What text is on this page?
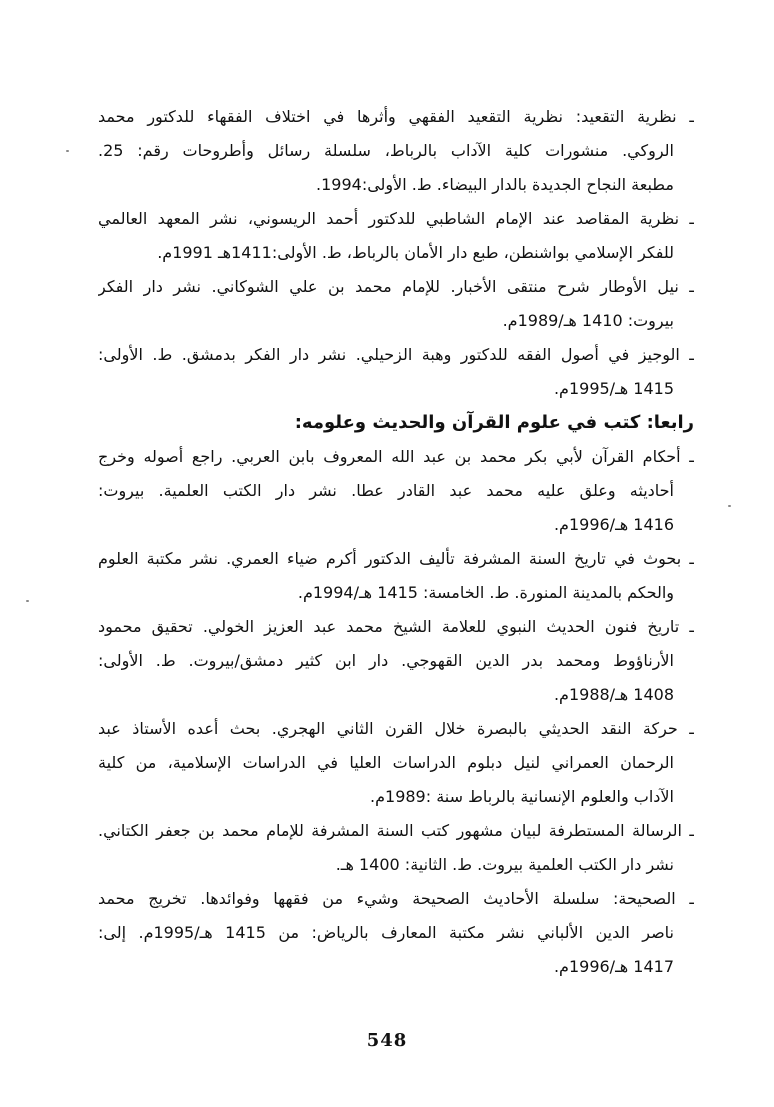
ـ نظرية التقعيد: نظرية التقعيد الفقهي وأثرها في اختلاف الفقهاء للدكتور محمد
الروكي. منشورات كلية الآداب بالرباط، سلسلة رسائل وأطروحات رقم: 25.
مطبعة النجاح الجديدة بالدار البيضاء. ط. الأولى:1994.
ـ نظرية المقاصد عند الإمام الشاطبي للدكتور أحمد الريسوني، نشر المعهد العالمي
للفكر الإسلامي بواشنطن، طبع دار الأمان بالرباط، ط. الأولى:1411هـ 1991م.
ـ نيل الأوطار شرح منتقى الأخبار. للإمام محمد بن علي الشوكاني. نشر دار الفكر
بيروت: 1410 هـ/1989م.
ـ الوجيز في أصول الفقه للدكتور وهبة الزحيلي. نشر دار الفكر بدمشق. ط. الأولى:
1415 هـ/1995م.
رابعا: كتب في علوم القرآن والحديث وعلومه:
ـ أحكام القرآن لأبي بكر محمد بن عبد الله المعروف بابن العربي. راجع أصوله وخرج
أحاديثه وعلق عليه محمد عبد القادر عطا. نشر دار الكتب العلمية. بيروت:
1416 هـ/1996م.
ـ بحوث في تاريخ السنة المشرفة تأليف الدكتور أكرم ضياء العمري. نشر مكتبة العلوم
والحكم بالمدينة المنورة. ط. الخامسة: 1415 هـ/1994م.
ـ تاريخ فنون الحديث النبوي للعلامة الشيخ محمد عبد العزيز الخولي. تحقيق محمود
الأرناؤوط ومحمد بدر الدين القهوجي. دار ابن كثير دمشق/بيروت. ط. الأولى:
1408 هـ/1988م.
ـ حركة النقد الحديثي بالبصرة خلال القرن الثاني الهجري. بحث أعده الأستاذ عبد
الرحمان العمراني لنيل دبلوم الدراسات العليا في الدراسات الإسلامية، من كلية
الآداب والعلوم الإنسانية بالرباط سنة :1989م.
ـ الرسالة المستطرفة لبيان مشهور كتب السنة المشرفة للإمام محمد بن جعفر الكتاني.
نشر دار الكتب العلمية بيروت. ط. الثانية: 1400 هـ.
ـ الصحيحة: سلسلة الأحاديث الصحيحة وشيء من فقهها وفوائدها. تخريج محمد
ناصر الدين الألباني نشر مكتبة المعارف بالرياض: من 1415 هـ/1995م. إلى:
1417 هـ/1996م.
548
